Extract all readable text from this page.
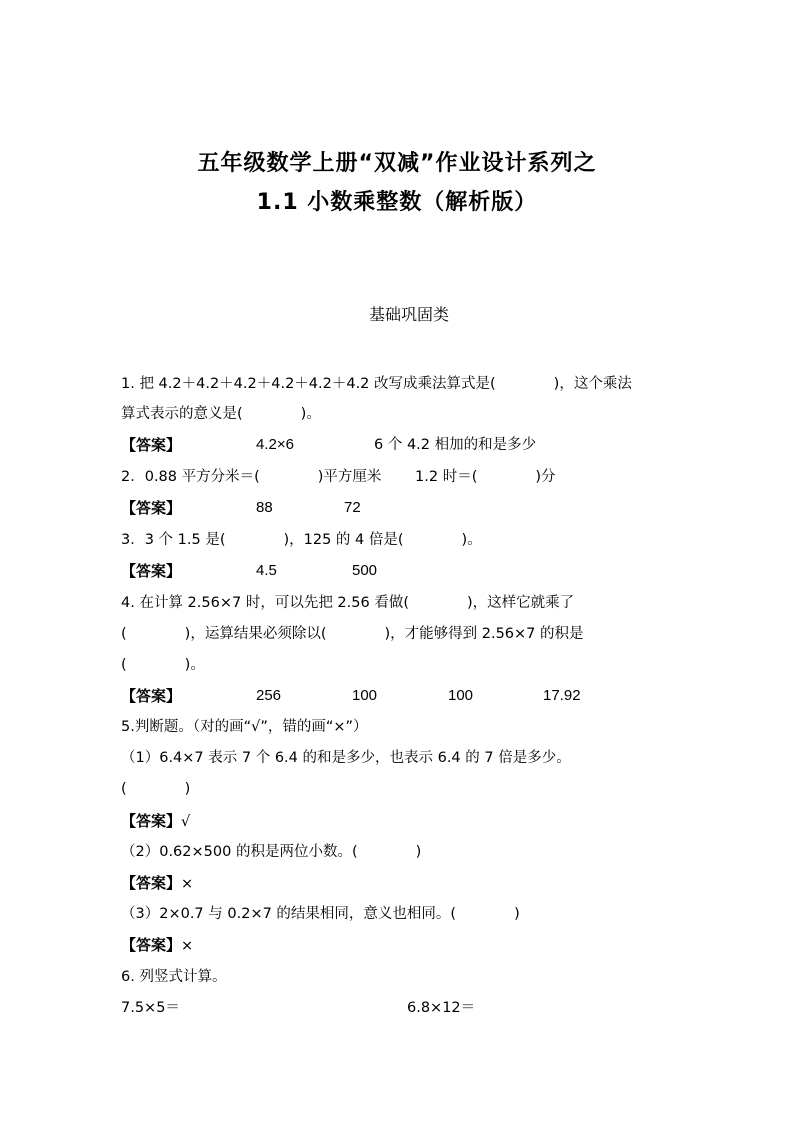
五年级数学上册“双减”作业设计系列之
1.1 小数乘整数（解析版）
基础巩固类
1. 把 4.2＋4.2＋4.2＋4.2＋4.2＋4.2 改写成乘法算式是(　　　　)，这个乘法
算式表示的意义是(　　　　)。
【答案】	4.2×6	6 个 4.2 相加的和是多少
2．0.88 平方分米＝(　　　　)平方厘米　　 1.2 时＝(　　　　)分
【答案】	88	72
3．3 个 1.5 是(　　　　)，125 的 4 倍是(　　　　)。
【答案】	4.5	500
4. 在计算 2.56×7 时，可以先把 2.56 看做(　　　　)，这样它就乘了
(　　　　)，运算结果必须除以(　　　　)，才能够得到 2.56×7 的积是
(　　　　)。
【答案】	256	100	100	17.92
5.判断题。（对的画“√”，错的画“×”）
（1）6.4×7 表示 7 个 6.4 的和是多少，也表示 6.4 的 7 倍是多少。
(　　　　)
【答案】√
（2）0.62×500 的积是两位小数。(　　　　)
【答案】×
（3）2×0.7 与 0.2×7 的结果相同，意义也相同。(　　　　)
【答案】×
6. 列竖式计算。
7.5×5＝	6.8×12＝
